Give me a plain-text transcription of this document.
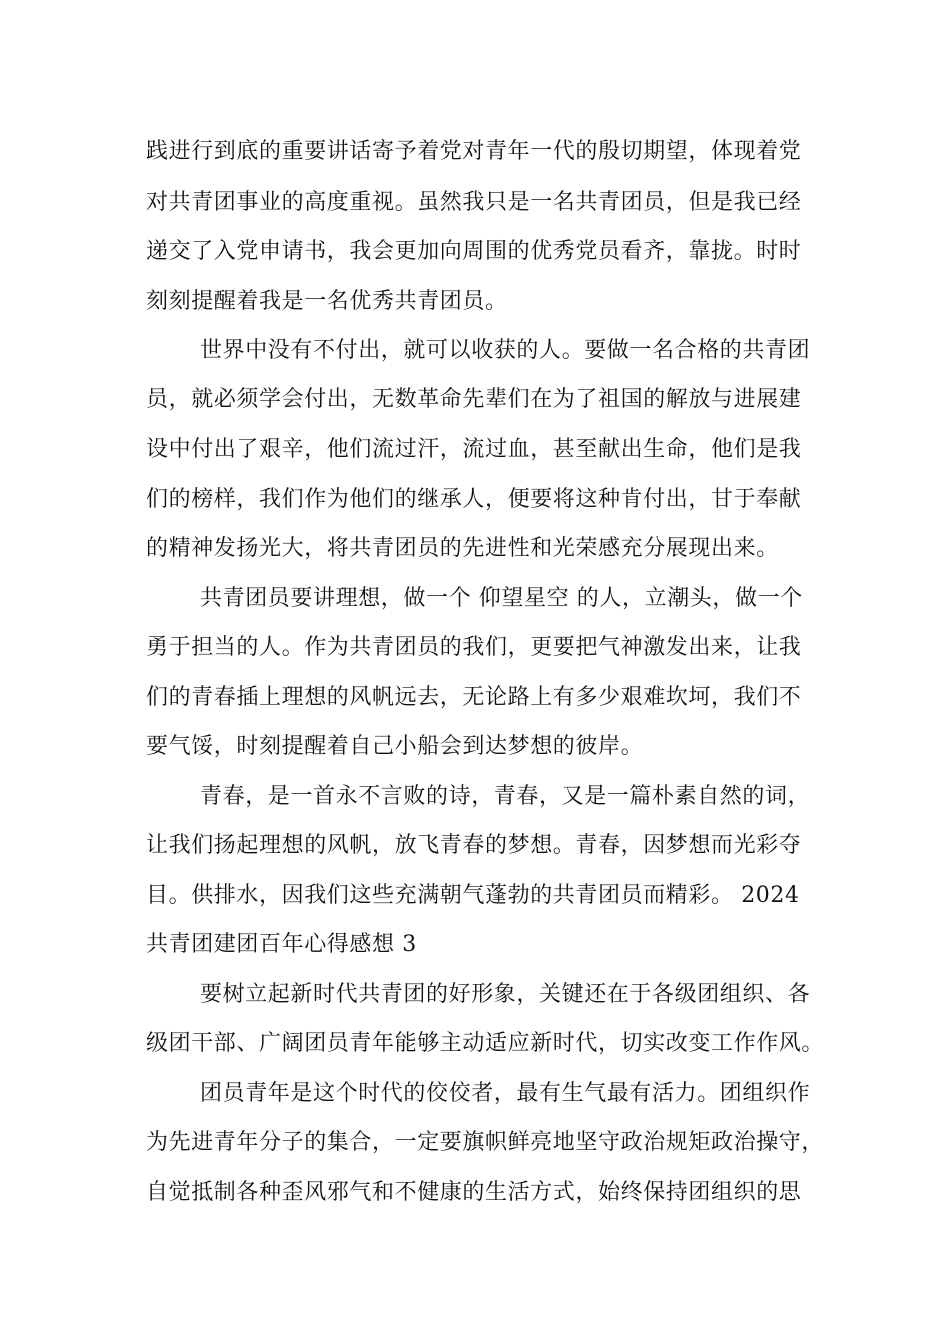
践进行到底的重要讲话寄予着党对青年一代的殷切期望，体现着党
对共青团事业的高度重视。虽然我只是一名共青团员，但是我已经
递交了入党申请书，我会更加向周围的优秀党员看齐，靠拢。时时
刻刻提醒着我是一名优秀共青团员。
世界中没有不付出，就可以收获的人。要做一名合格的共青团
员，就必须学会付出，无数革命先辈们在为了祖国的解放与进展建
设中付出了艰辛，他们流过汗，流过血，甚至献出生命，他们是我
们的榜样，我们作为他们的继承人，便要将这种肯付出，甘于奉献
的精神发扬光大，将共青团员的先进性和光荣感充分展现出来。
共青团员要讲理想，做一个 仰望星空 的人，立潮头，做一个
勇于担当的人。作为共青团员的我们，更要把气神激发出来，让我
们的青春插上理想的风帆远去，无论路上有多少艰难坎坷，我们不
要气馁，时刻提醒着自己小船会到达梦想的彼岸。
青春，是一首永不言败的诗，青春，又是一篇朴素自然的词，
让我们扬起理想的风帆，放飞青春的梦想。青春，因梦想而光彩夺
目。供排水，因我们这些充满朝气蓬勃的共青团员而精彩。 2024
共青团建团百年心得感想 3
要树立起新时代共青团的好形象，关键还在于各级团组织、各
级团干部、广阔团员青年能够主动适应新时代，切实改变工作作风。
团员青年是这个时代的佼佼者，最有生气最有活力。团组织作
为先进青年分子的集合，一定要旗帜鲜亮地坚守政治规矩政治操守，
自觉抵制各种歪风邪气和不健康的生活方式，始终保持团组织的思
